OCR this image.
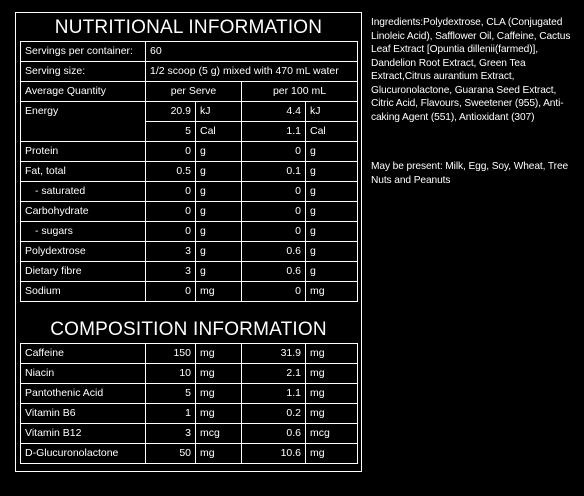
NUTRITIONAL INFORMATION
Servings per container:	60			
Serving size:	1/2 scoop (5 g) mixed with 470 mL water			
Average Quantity	per Serve		per 100 mL	
Energy	20.9	kJ	4.4	kJ
	5	Cal	1.1	Cal
Protein	0	g	0	g
Fat, total	0.5	g	0.1	g
- saturated	0	g	0	g
Carbohydrate	0	g	0	g
- sugars	0	g	0	g
Polydextrose	3	g	0.6	g
Dietary fibre	3	g	0.6	g
Sodium	0	mg	0	mg
COMPOSITION INFORMATION
Caffeine	150	mg	31.9	mg
Niacin	10	mg	2.1	mg
Pantothenic Acid	5	mg	1.1	mg
Vitamin B6	1	mg	0.2	mg
Vitamin B12	3	mcg	0.6	mcg
D-Glucuronolactone	50	mg	10.6	mg
Ingredients:Polydextrose, CLA (Conjugated Linoleic Acid), Safflower Oil, Caffeine, Cactus Leaf Extract [Opuntia dillenii(farmed)], Dandelion Root Extract, Green Tea Extract,Citrus aurantium Extract, Glucuronolactone, Guarana Seed Extract, Citric Acid, Flavours, Sweetener (955), Anti-caking Agent (551), Antioxidant (307)
May be present: Milk, Egg, Soy, Wheat, Tree Nuts and Peanuts
